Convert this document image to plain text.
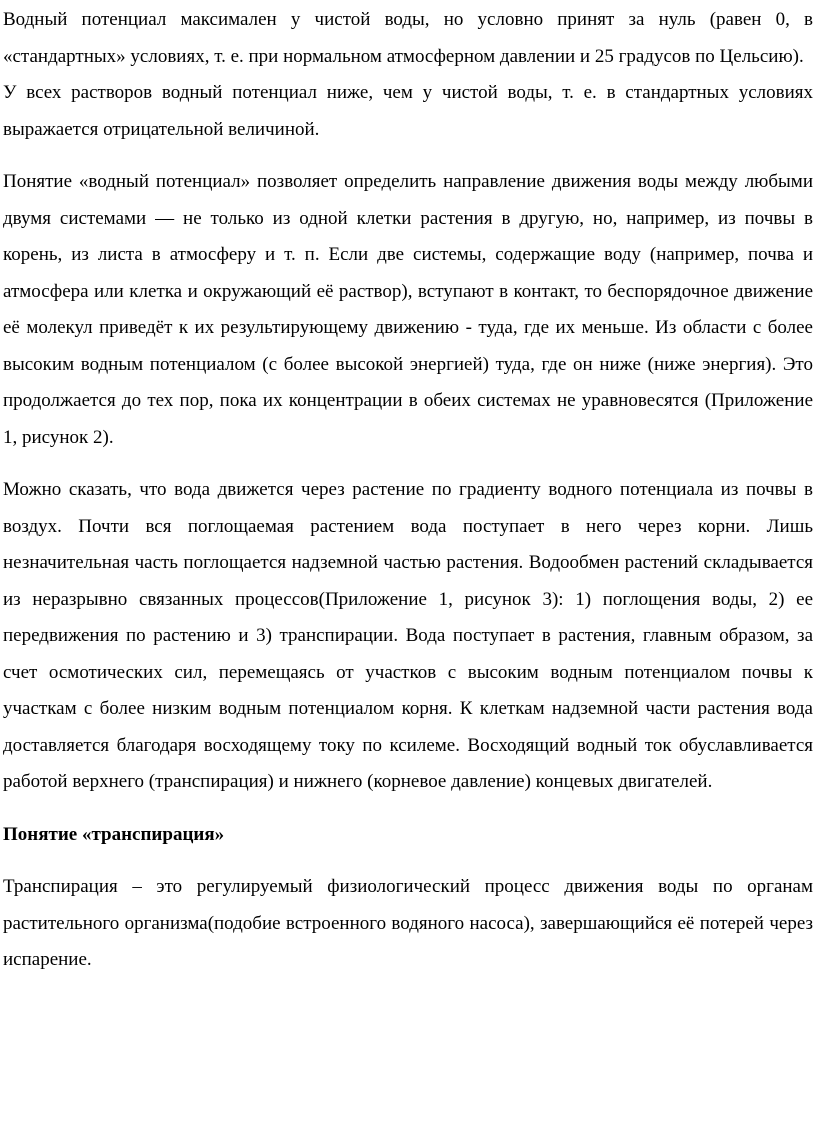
Водный потенциал максимален у чистой воды, но условно принят за нуль (равен 0, в «стандартных» условиях, т. е. при нормальном атмосферном давлении и 25 градусов по Цельсию).

У всех растворов водный потенциал ниже, чем у чистой воды, т. е. в стандартных условиях выражается отрицательной величиной.

Понятие «водный потенциал» позволяет определить направление движения воды между любыми двумя системами — не только из одной клетки растения в другую, но, например, из почвы в корень, из листа в атмосферу и т. п. Если две системы, содержащие воду (например, почва и атмосфера или клетка и окружающий её раствор), вступают в контакт, то беспорядочное движение её молекул приведёт к их результирующему движению - туда, где их меньше. Из области с более высоким водным потенциалом (с более высокой энергией) туда, где он ниже (ниже энергия). Это продолжается до тех пор, пока их концентрации в обеих системах не уравновесятся (Приложение 1, рисунок 2).

Можно сказать, что вода движется через растение по градиенту водного потенциала из почвы в воздух. Почти вся поглощаемая растением вода поступает в него через корни. Лишь незначительная часть поглощается надземной частью растения. Водообмен растений складывается из неразрывно связанных процессов(Приложение 1, рисунок 3): 1) поглощения воды, 2) ее передвижения по растению и 3) транспирации. Вода поступает в растения, главным образом, за счет осмотических сил, перемещаясь от участков с высоким водным потенциалом почвы к участкам с более низким водным потенциалом корня. К клеткам надземной части растения вода доставляется благодаря восходящему току по ксилеме. Восходящий водный ток обуславливается работой верхнего (транспирация) и нижнего (корневое давление) концевых двигателей.

Понятие «транспирация»

Транспирация – это регулируемый физиологический процесс движения воды по органам растительного организма(подобие встроенного водяного насоса), завершающийся её потерей через испарение.
